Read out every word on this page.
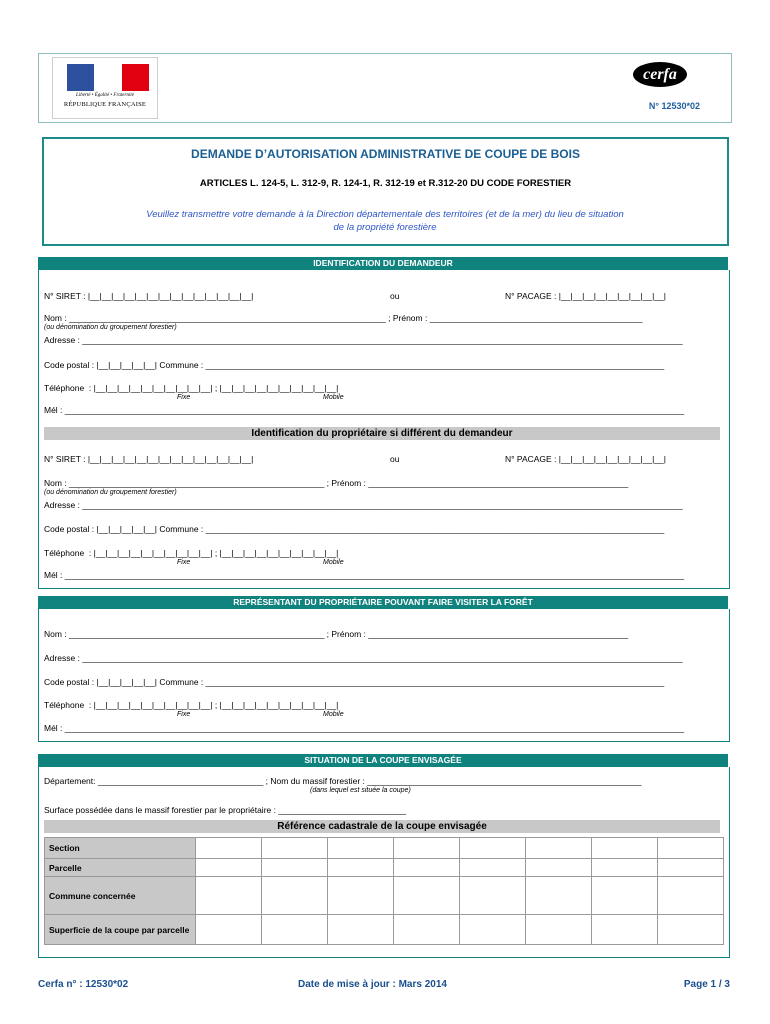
Liberté • Égalité • Fraternité
RÉPUBLIQUE FRANÇAISE
cerfa
N° 12530*02
DEMANDE D’AUTORISATION ADMINISTRATIVE DE COUPE DE BOIS
ARTICLES L. 124-5, L. 312-9, R. 124-1, R. 312-19 et R.312-20 DU CODE FORESTIER
Veuillez transmettre votre demande à la Direction départementale des territoires (et de la mer) du lieu de situation
de la propriété forestière
IDENTIFICATION DU DEMANDEUR
N° SIRET : |__|__|__|__|__|__|__|__|__|__|__|__|__|__|	ou	N° PACAGE : |__|__|__|__|__|__|__|__|__|
Nom : ___________________________________________________________________ ; Prénom : _____________________________________________
(ou dénomination du groupement forestier)
Adresse : _______________________________________________________________________________________________________________________________
Code postal : |__|__|__|__|__| Commune : _________________________________________________________________________________________________
Téléphone  : |__|__|__|__|__|__|__|__|__|__| ; |__|__|__|__|__|__|__|__|__|__|
Fixe	Mobile
Mél : ___________________________________________________________________________________________________________________________________
Identification du propriétaire si différent du demandeur
N° SIRET : |__|__|__|__|__|__|__|__|__|__|__|__|__|__|	ou	N° PACAGE : |__|__|__|__|__|__|__|__|__|
Nom : ______________________________________________________ ; Prénom : _______________________________________________________
(ou dénomination du groupement forestier)
Adresse : _______________________________________________________________________________________________________________________________
Code postal : |__|__|__|__|__| Commune : _________________________________________________________________________________________________
Téléphone  : |__|__|__|__|__|__|__|__|__|__| ; |__|__|__|__|__|__|__|__|__|__|
Fixe	Mobile
Mél : ___________________________________________________________________________________________________________________________________
REPRÉSENTANT DU PROPRIÉTAIRE POUVANT FAIRE VISITER LA FORÊT
Nom : ______________________________________________________ ; Prénom : _______________________________________________________
Adresse : _______________________________________________________________________________________________________________________________
Code postal : |__|__|__|__|__| Commune : _________________________________________________________________________________________________
Téléphone  : |__|__|__|__|__|__|__|__|__|__| ; |__|__|__|__|__|__|__|__|__|__|
Fixe	Mobile
Mél : ___________________________________________________________________________________________________________________________________
SITUATION DE LA COUPE ENVISAGÉE
Département: ___________________________________ ; Nom du massif forestier : __________________________________________________________
(dans lequel est située la coupe)
Surface possédée dans le massif forestier par le propriétaire : ___________________________
Référence cadastrale de la coupe envisagée
Section								
Parcelle								
Commune concernée								
Superficie de la coupe par parcelle								
Cerfa n° : 12530*02	Date de mise à jour : Mars 2014	Page 1 / 3
